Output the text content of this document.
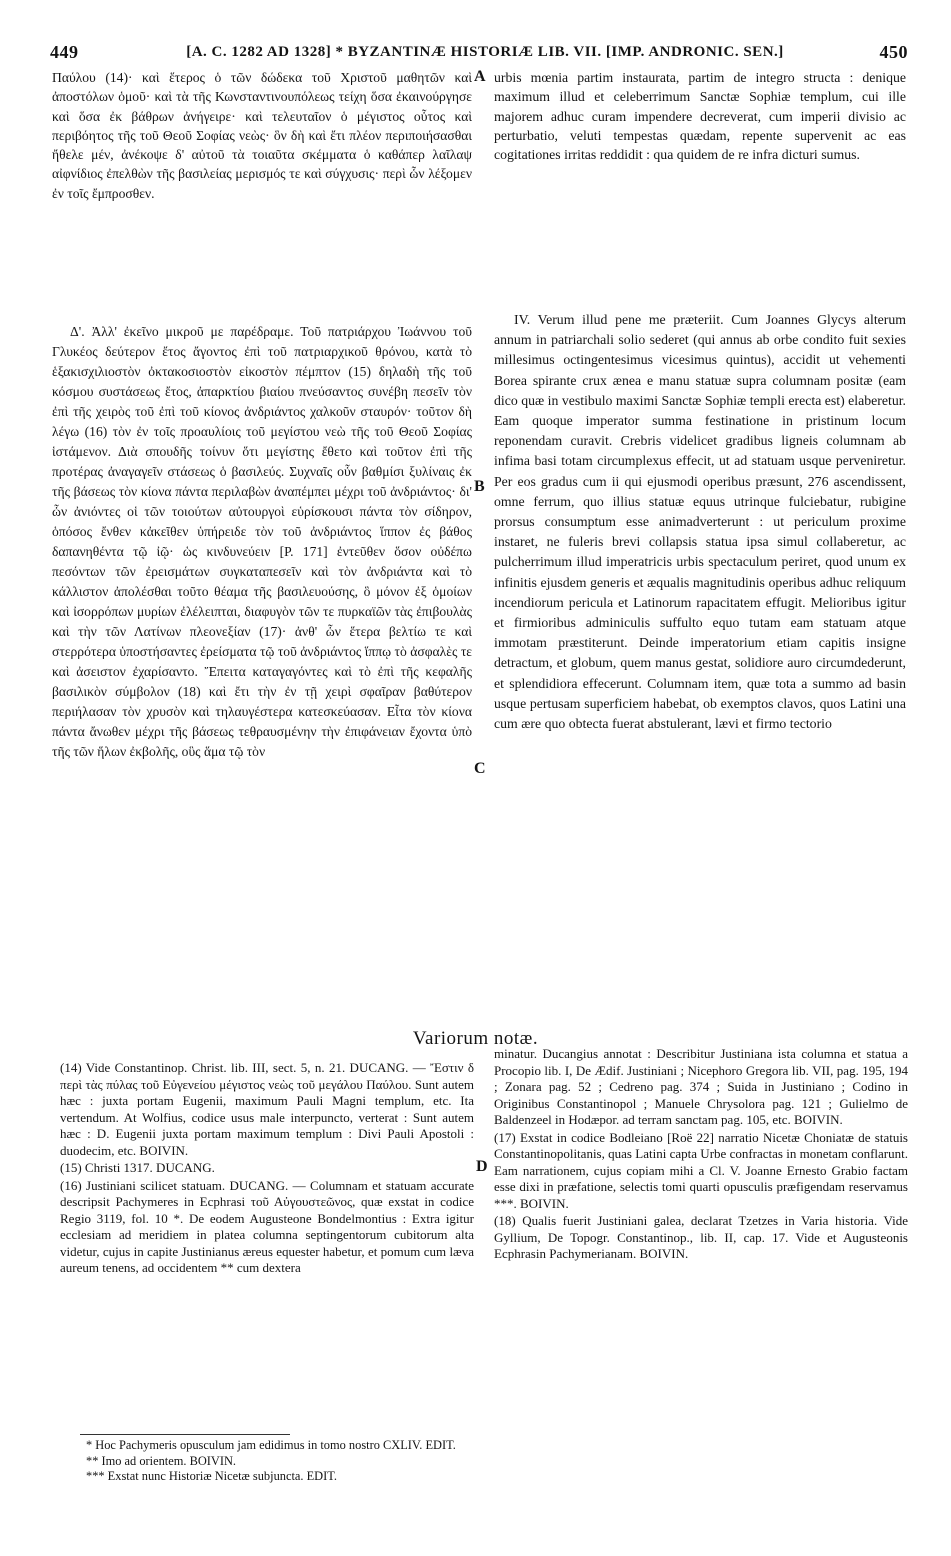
449	[A. C. 1282 AD 1328] * BYZANTINÆ HISTORIÆ LIB. VII. [IMP. ANDRONIC. SEN.]	450

Παύλου (14)· καὶ ἕτερος ὁ τῶν δώδεκα τοῦ Χριστοῦ μαθητῶν καὶ ἀποστόλων ὁμοῦ· καὶ τὰ τῆς Κωνσταντινουπόλεως τείχη ὅσα ἐκαινούργησε καὶ ὅσα ἐκ βάθρων ἀνήγειρε· καὶ τελευταῖον ὁ μέγιστος οὗτος καὶ περιβόητος τῆς τοῦ Θεοῦ Σοφίας νεὼς· ὃν δὴ καὶ ἔτι πλέον περιποιήσασθαι ἤθελε μέν, ἀνέκοψε δ' αὐτοῦ τὰ τοιαῦτα σκέμματα ὁ καθάπερ λαῖλαψ αἰφνίδιος ἐπελθὼν τῆς βασιλείας μερισμός τε καὶ σύγχυσις· περὶ ὧν λέξομεν ἐν τοῖς ἔμπροσθεν.

urbis mœnia partim instaurata, partim de integro structa : denique maximum illud et celeberrimum Sanctæ Sophiæ templum, cui ille majorem adhuc curam impendere decreverat, cum imperii divisio ac perturbatio, veluti tempestas quædam, repente supervenit ac eas cogitationes irritas reddidit : qua quidem de re infra dicturi sumus.

Δ'. Ἀλλ' ἐκεῖνο μικροῦ με παρέδραμε. Τοῦ πατριάρχου Ἰωάννου τοῦ Γλυκέος δεύτερον ἔτος ἄγοντος ἐπὶ τοῦ πατριαρχικοῦ θρόνου, κατὰ τὸ ἑξακισχιλιοστὸν ὀκτακοσιοστὸν εἰκοστὸν πέμπτον (15) δηλαδὴ τῆς τοῦ κόσμου συστάσεως ἔτος, ἀπαρκτίου βιαίου πνεύσαντος συνέβη πεσεῖν τὸν ἐπὶ τῆς χειρὸς τοῦ ἐπὶ τοῦ κίονος ἀνδριάντος χαλκοῦν σταυρόν· τοῦτον δὴ λέγω (16) τὸν ἐν τοῖς προαυλίοις τοῦ μεγίστου νεὼ τῆς τοῦ Θεοῦ Σοφίας ἱστάμενον. Διὰ σπουδῆς τοίνυν ὅτι μεγίστης ἔθετο καὶ τοῦτον ἐπὶ τῆς προτέρας ἀναγαγεῖν στάσεως ὁ βασιλεύς. Συχναῖς οὖν βαθμίσι ξυλίναις ἐκ τῆς βάσεως τὸν κίονα πάντα περιλαβὼν ἀναπέμπει μέχρι τοῦ ἀνδριάντος· δι' ὧν ἀνιόντες οἱ τῶν τοιούτων αὐτουργοὶ εὑρίσκουσι πάντα τὸν σίδηρον, ὁπόσος ἔνθεν κἀκεῖθεν ὑπήρειδε τὸν τοῦ ἀνδριάντος ἵππον ἐς βάθος δαπανηθέντα τῷ ἰῷ· ὡς κινδυνεύειν [P. 171] ἐντεῦθεν ὅσον οὐδέπω πεσόντων τῶν ἐρεισμάτων συγκαταπεσεῖν καὶ τὸν ἀνδριάντα καὶ τὸ κάλλιστον ἀπολέσθαι τοῦτο θέαμα τῆς βασιλευούσης, ὃ μόνον ἐξ ὁμοίων καὶ ἰσορρόπων μυρίων ἐλέλειπται, διαφυγὸν τῶν τε πυρκαϊῶν τὰς ἐπιβουλὰς καὶ τὴν τῶν Λατίνων πλεονεξίαν (17)· ἀνθ' ὧν ἕτερα βελτίω τε καὶ στερρότερα ὑποστήσαντες ἐρείσματα τῷ τοῦ ἀνδριάντος ἵππῳ τὸ ἀσφαλὲς τε καὶ ἀσειστον ἐχαρίσαντο. Ἔπειτα καταγαγόντες καὶ τὸ ἐπὶ τῆς κεφαλῆς βασιλικὸν σύμβολον (18) καὶ ἔτι τὴν ἐν τῇ χειρὶ σφαῖραν βαθύτερον περιήλασαν τὸν χρυσὸν καὶ τηλαυγέστερα κατεσκεύασαν. Εἶτα τὸν κίονα πάντα ἄνωθεν μέχρι τῆς βάσεως τεθραυσμένην τὴν ἐπιφάνειαν ἔχοντα ὑπὸ τῆς τῶν ἥλων ἐκβολῆς, οὓς ἅμα τῷ τὸν

IV. Verum illud pene me præteriit. Cum Joannes Glycys alterum annum in patriarchali solio sederet (qui annus ab orbe condito fuit sexies millesimus octingentesimus vicesimus quintus), accidit ut vehementi Borea spirante crux ænea e manu statuæ supra columnam positæ (eam dico quæ in vestibulo maximi Sanctæ Sophiæ templi erecta est) elaberetur. Eam quoque imperator summa festinatione in pristinum locum reponendam curavit. Crebris videlicet gradibus ligneis columnam ab infima basi totam circumplexus effecit, ut ad statuam usque perveniretur. Per eos gradus cum ii qui ejusmodi operibus præsunt, 276 ascendissent, omne ferrum, quo illius statuæ equus utrinque fulciebatur, rubigine prorsus consumptum esse animadverterunt : ut periculum proxime instaret, ne fuleris brevi collapsis statua ipsa simul collaberetur, ac pulcherrimum illud imperatricis urbis spectaculum periret, quod unum ex infinitis ejusdem generis et æqualis magnitudinis operibus adhuc reliquum incendiorum pericula et Latinorum rapacitatem effugit. Melioribus igitur et firmioribus adminiculis suffulto equo tutam eam statuam atque immotam præstiterunt. Deinde imperatorium etiam capitis insigne detractum, et globum, quem manus gestat, solidiore auro circumdederunt, et splendidiora effecerunt. Columnam item, quæ tota a summo ad basin usque pertusam superficiem habebat, ob exemptos clavos, quos Latini una cum ære quo obtecta fuerat abstulerant, lævi et firmo tectorio

A
B
C
D
Variorum notæ.

(14) Vide Constantinop. Christ. lib. III, sect. 5, n. 21. DUCANG. — Ἔστιν δ περὶ τὰς πύλας τοῦ Εὐγενείου μέγιστος νεὼς τοῦ μεγάλου Παύλου. Sunt autem hæc : juxta portam Eugenii, maximum Pauli Magni templum, etc. Ita vertendum. At Wolfius, codice usus male interpuncto, verterat : Sunt autem hæc : D. Eugenii juxta portam maximum templum : Divi Pauli Apostoli : duodecim, etc. BOIVIN.

(15) Christi 1317. DUCANG.

(16) Justiniani scilicet statuam. DUCANG. — Columnam et statuam accurate descripsit Pachymeres in Ecphrasi τοῦ Αὐγουστεῶνος, quæ exstat in codice Regio 3119, fol. 10 *. De eodem Augusteone Bondelmontius : Extra igitur ecclesiam ad meridiem in platea columna septingentorum cubitorum alta videtur, cujus in capite Justinianus æreus equester habetur, et pomum cum læva aureum tenens, ad occidentem ** cum dextera

minatur. Ducangius annotat : Describitur Justiniana ista columna et statua a Procopio lib. I, De Ædif. Justiniani ; Nicephoro Gregora lib. VII, pag. 195, 194 ; Zonara pag. 52 ; Cedreno pag. 374 ; Suida in Justiniano ; Codino in Originibus Constantinopol ; Manuele Chrysolora pag. 121 ; Gulielmo de Baldenzeel in Hodæpor. ad terram sanctam pag. 105, etc. BOIVIN.

(17) Exstat in codice Bodleiano [Roë 22] narratio Nicetæ Choniatæ de statuis Constantinopolitanis, quas Latini capta Urbe confractas in monetam conflarunt. Eam narrationem, cujus copiam mihi a Cl. V. Joanne Ernesto Grabio factam esse dixi in præfatione, selectis tomi quarti opusculis præfigendam reservamus ***. BOIVIN.

(18) Qualis fuerit Justiniani galea, declarat Tzetzes in Varia historia. Vide Gyllium, De Topogr. Constantinop., lib. II, cap. 17. Vide et Augusteonis Ecphrasin Pachymerianam. BOIVIN.

* Hoc Pachymeris opusculum jam edidimus in tomo nostro CXLIV. EDIT.

** Imo ad orientem. BOIVIN.

*** Exstat nunc Historiæ Nicetæ subjuncta. EDIT.
